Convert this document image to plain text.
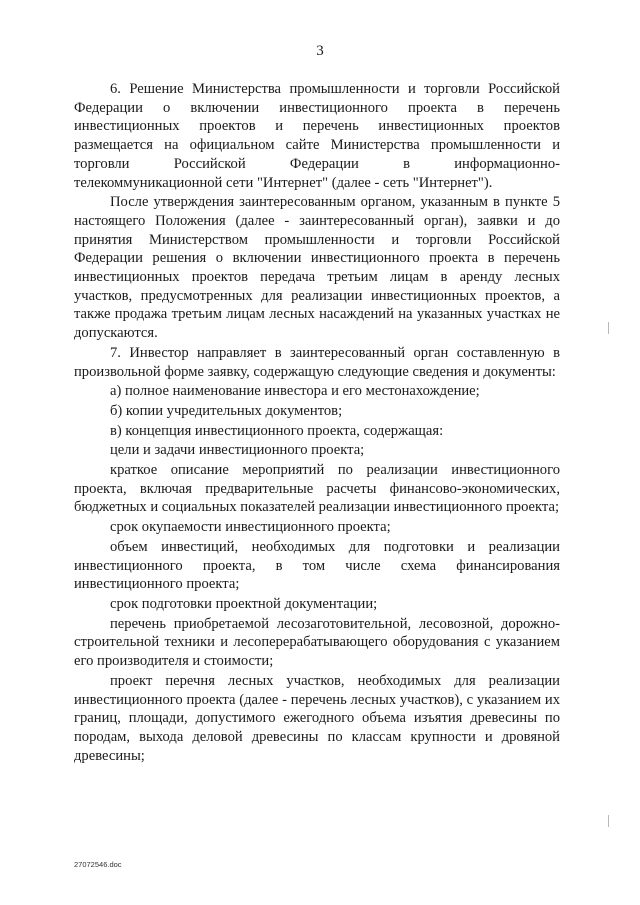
3

6. Решение Министерства промышленности и торговли Российской

Федерации о включении инвестиционного проекта в перечень

инвестиционных проектов и перечень инвестиционных проектов

размещается на официальном сайте Министерства промышленности и

торговли Российской Федерации в информационно-

телекоммуникационной сети "Интернет" (далее - сеть "Интернет").

После утверждения заинтересованным органом, указанным в пункте 5 настоящего Положения (далее - заинтересованный орган), заявки и до принятия Министерством промышленности и торговли Российской Федерации решения о включении инвестиционного проекта в перечень инвестиционных проектов передача третьим лицам в аренду лесных участков, предусмотренных для реализации инвестиционных проектов, а также продажа третьим лицам лесных насаждений на указанных участках не допускаются.

7. Инвестор направляет в заинтересованный орган составленную в произвольной форме заявку, содержащую следующие сведения и документы:

а) полное наименование инвестора и его местонахождение;

б) копии учредительных документов;

в) концепция инвестиционного проекта, содержащая:

цели и задачи инвестиционного проекта;

краткое описание мероприятий по реализации инвестиционного проекта, включая предварительные расчеты финансово-экономических, бюджетных и социальных показателей реализации инвестиционного проекта;

срок окупаемости инвестиционного проекта;

объем инвестиций, необходимых для подготовки и реализации инвестиционного проекта, в том числе схема финансирования инвестиционного проекта;

срок подготовки проектной документации;

перечень приобретаемой лесозаготовительной, лесовозной, дорожно-строительной техники и лесоперерабатывающего оборудования с указанием его производителя и стоимости;

проект перечня лесных участков, необходимых для реализации инвестиционного проекта (далее - перечень лесных участков), с указанием их границ, площади, допустимого ежегодного объема изъятия древесины по породам, выхода деловой древесины по классам крупности и дровяной древесины;

27072546.doc
